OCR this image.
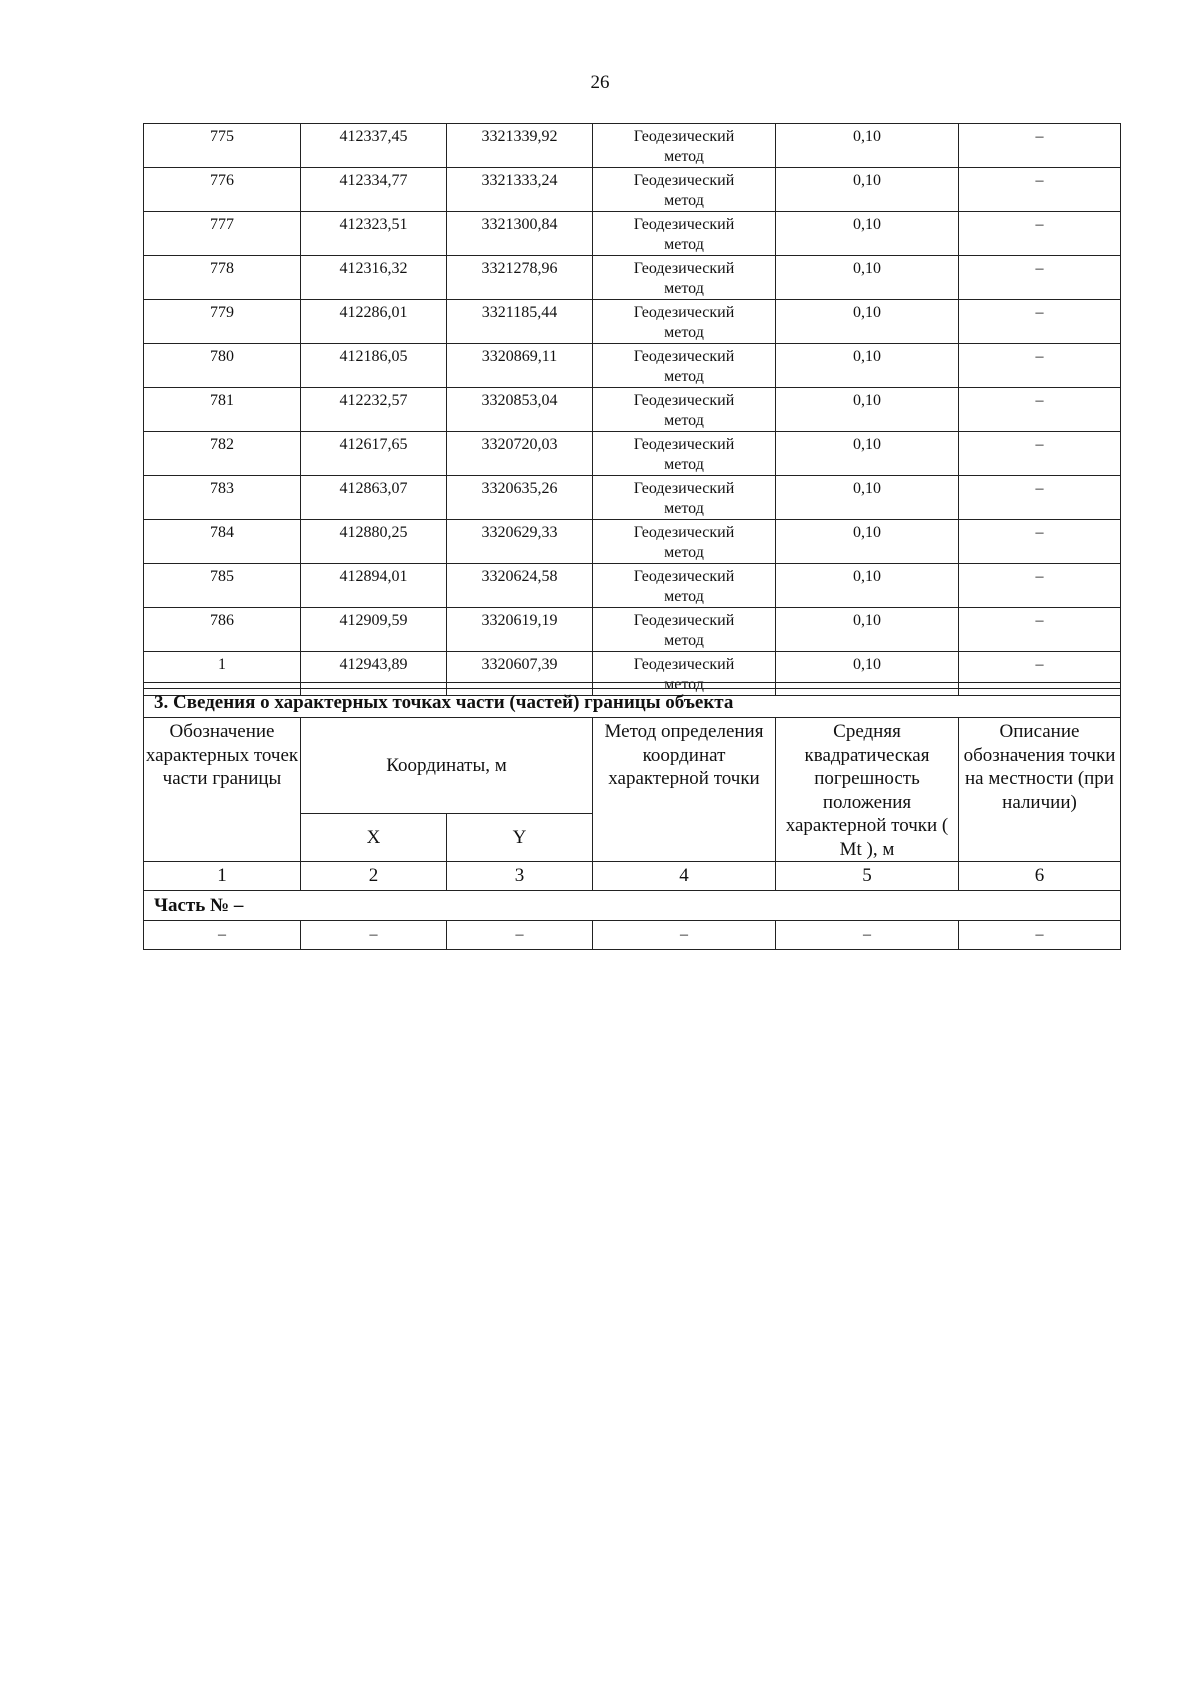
26
775	412337,45	3321339,92	Геодезический
метод	0,10	–

776	412334,77	3321333,24	Геодезический
метод	0,10	–

777	412323,51	3321300,84	Геодезический
метод	0,10	–

778	412316,32	3321278,96	Геодезический
метод	0,10	–

779	412286,01	3321185,44	Геодезический
метод	0,10	–

780	412186,05	3320869,11	Геодезический
метод	0,10	–

781	412232,57	3320853,04	Геодезический
метод	0,10	–

782	412617,65	3320720,03	Геодезический
метод	0,10	–

783	412863,07	3320635,26	Геодезический
метод	0,10	–

784	412880,25	3320629,33	Геодезический
метод	0,10	–

785	412894,01	3320624,58	Геодезический
метод	0,10	–

786	412909,59	3320619,19	Геодезический
метод	0,10	–

1	412943,89	3320607,39	Геодезический
метод	0,10	–
3. Сведения о характерных точках части (частей) границы объекта					
Обозначение характерных точек части границы	Координаты, м		Метод определения координат характерной точки	Средняя квадратическая погрешность положения характерной точки ( Mt ), м	Описание обозначения точки на местности (при наличии)
	X	Y			
1	2	3	4	5	6
Часть № –					
–	–	–	–	–	–
